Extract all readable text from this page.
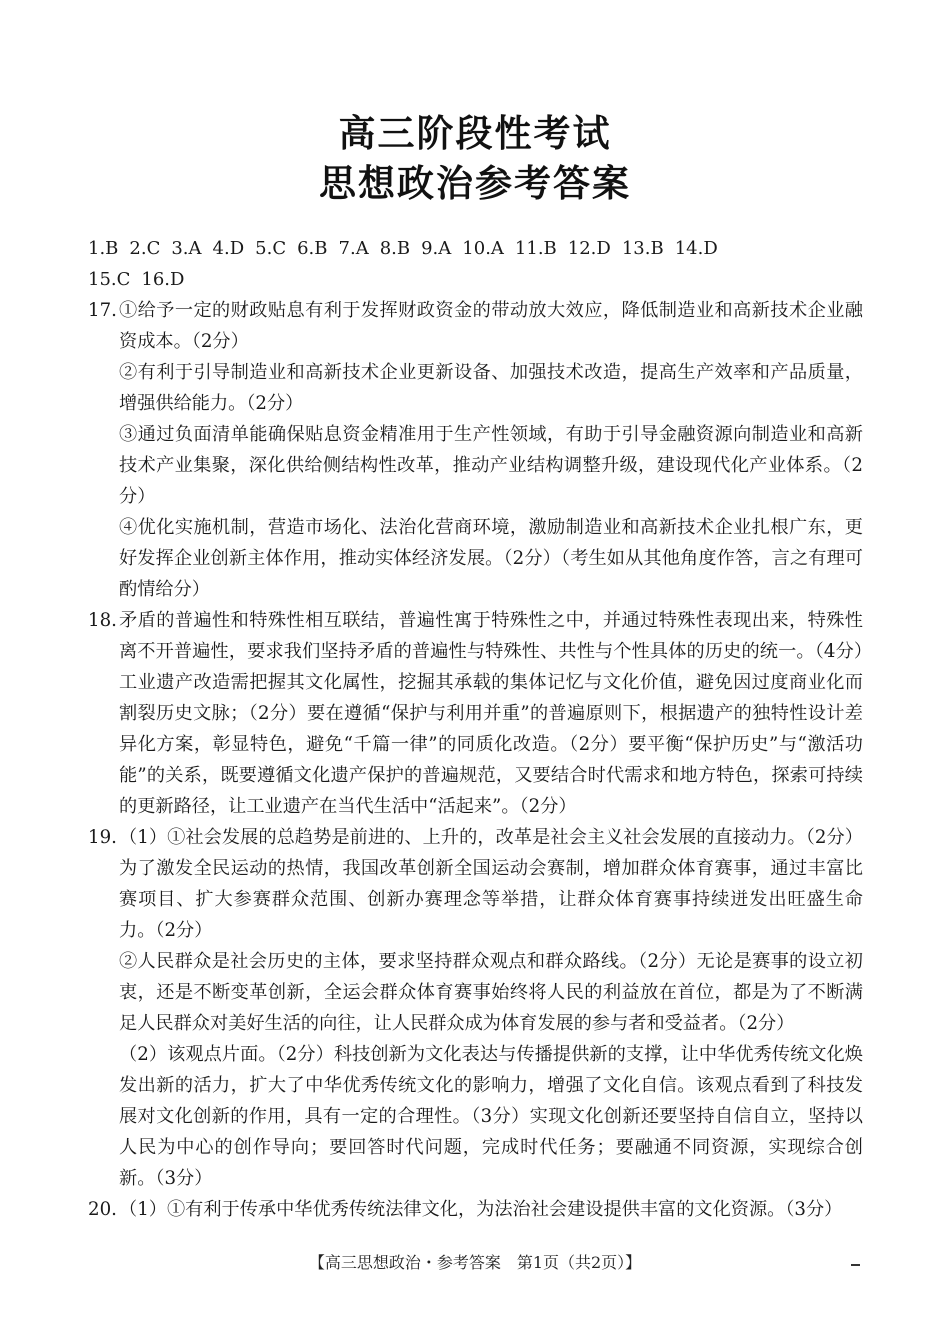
高三阶段性考试
思想政治参考答案
1.B 2.C 3.A 4.D 5.C 6.B 7.A 8.B 9.A 10.A 11.B 12.D 13.B 14.D
15.C 16.D
17. ①给予一定的财政贴息有利于发挥财政资金的带动放大效应，降低制造业和高新技术企业融资成本。（2分）

②有利于引导制造业和高新技术企业更新设备、加强技术改造，提高生产效率和产品质量，增强供给能力。（2分）

③通过负面清单能确保贴息资金精准用于生产性领域，有助于引导金融资源向制造业和高新技术产业集聚，深化供给侧结构性改革，推动产业结构调整升级，建设现代化产业体系。（2分）

④优化实施机制，营造市场化、法治化营商环境，激励制造业和高新技术企业扎根广东，更好发挥企业创新主体作用，推动实体经济发展。（2分）（考生如从其他角度作答，言之有理可酌情给分）

18. 矛盾的普遍性和特殊性相互联结，普遍性寓于特殊性之中，并通过特殊性表现出来，特殊性离不开普遍性，要求我们坚持矛盾的普遍性与特殊性、共性与个性具体的历史的统一。（4分）工业遗产改造需把握其文化属性，挖掘其承载的集体记忆与文化价值，避免因过度商业化而割裂历史文脉；（2分）要在遵循“保护与利用并重”的普遍原则下，根据遗产的独特性设计差异化方案，彰显特色，避免“千篇一律”的同质化改造。（2分）要平衡“保护历史”与“激活功能”的关系，既要遵循文化遗产保护的普遍规范，又要结合时代需求和地方特色，探索可持续的更新路径，让工业遗产在当代生活中“活起来”。（2分）

19. （1）①社会发展的总趋势是前进的、上升的，改革是社会主义社会发展的直接动力。（2分）为了激发全民运动的热情，我国改革创新全国运动会赛制，增加群众体育赛事，通过丰富比赛项目、扩大参赛群众范围、创新办赛理念等举措，让群众体育赛事持续迸发出旺盛生命力。（2分）

②人民群众是社会历史的主体，要求坚持群众观点和群众路线。（2分）无论是赛事的设立初衷，还是不断变革创新，全运会群众体育赛事始终将人民的利益放在首位，都是为了不断满足人民群众对美好生活的向往，让人民群众成为体育发展的参与者和受益者。（2分）

（2）该观点片面。（2分）科技创新为文化表达与传播提供新的支撑，让中华优秀传统文化焕发出新的活力，扩大了中华优秀传统文化的影响力，增强了文化自信。该观点看到了科技发展对文化创新的作用，具有一定的合理性。（3分）实现文化创新还要坚持自信自立，坚持以人民为中心的创作导向；要回答时代问题，完成时代任务；要融通不同资源，实现综合创新。（3分）

20. （1）①有利于传承中华优秀传统法律文化，为法治社会建设提供丰富的文化资源。（3分）

【高三思想政治・参考答案　第1页（共2页）】
